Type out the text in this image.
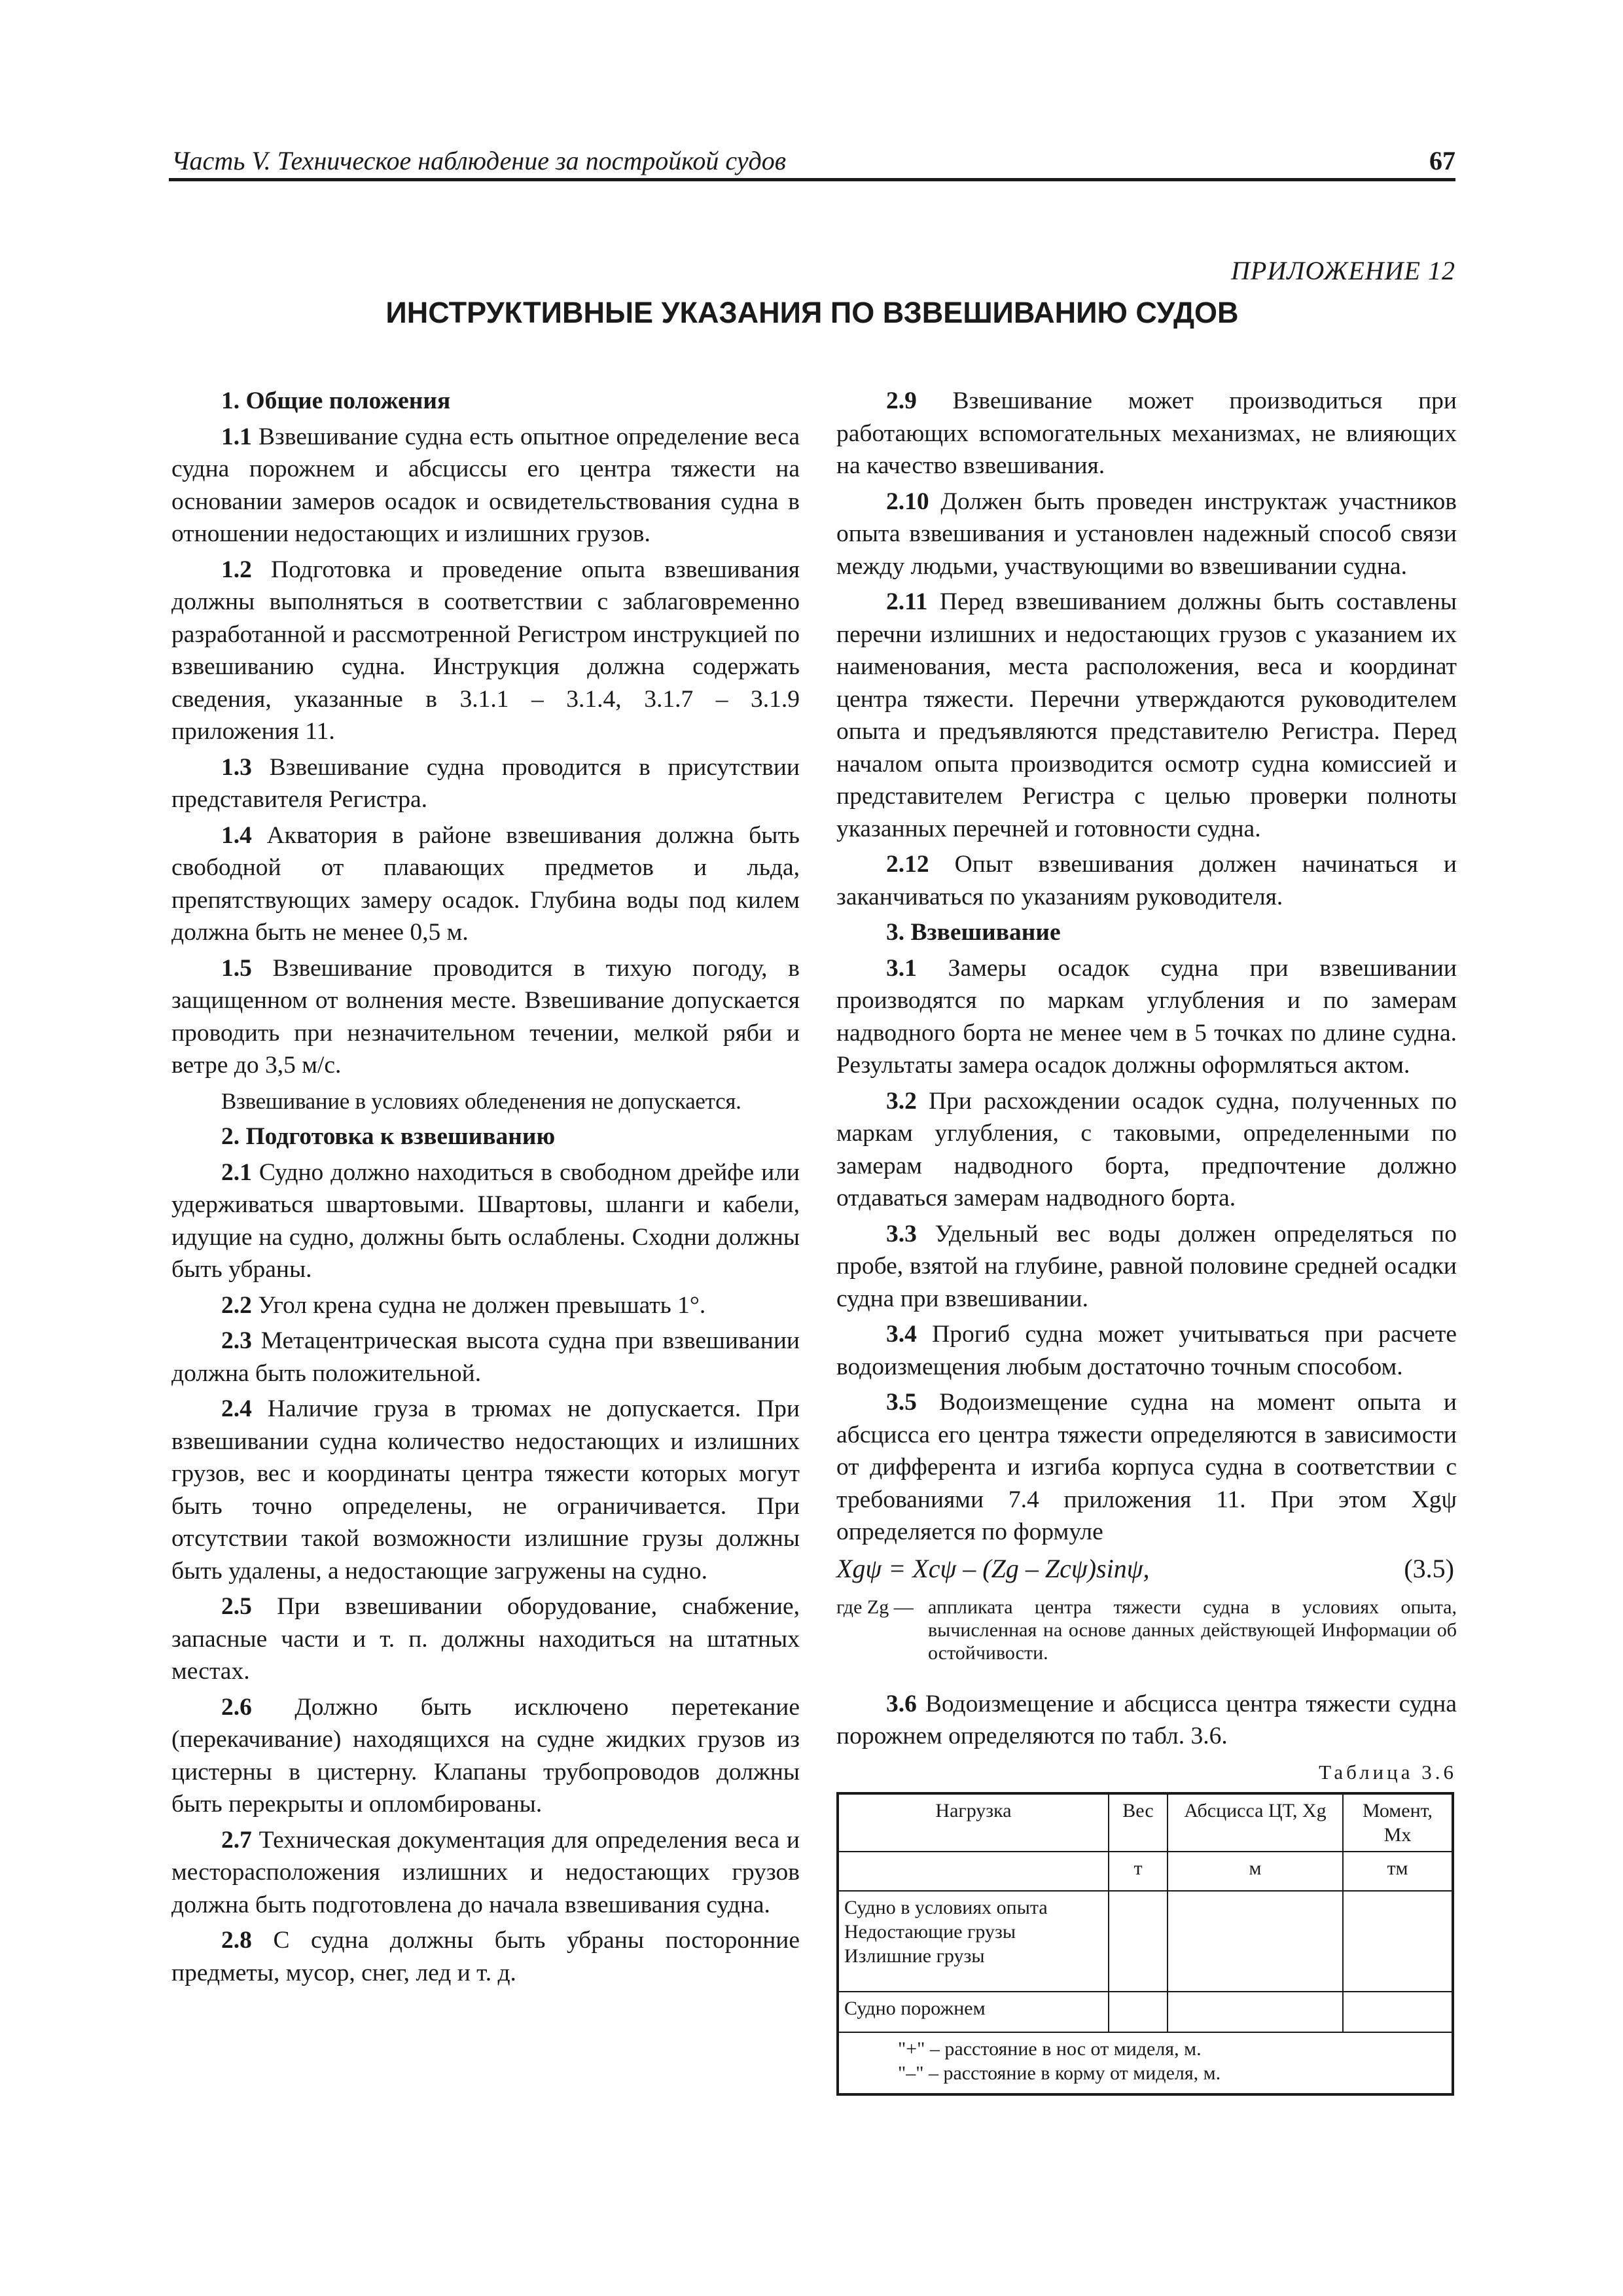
Часть V. Техническое наблюдение за постройкой судов	67
ПРИЛОЖЕНИЕ 12
ИНСТРУКТИВНЫЕ УКАЗАНИЯ ПО ВЗВЕШИВАНИЮ СУДОВ

1. Общие положения

1.1 Взвешивание судна есть опытное определение веса судна порожнем и абсциссы его центра тяжести на основании замеров осадок и освидетельствования судна в отношении недостающих и излишних грузов.

1.2 Подготовка и проведение опыта взвешивания должны выполняться в соответствии с заблаговременно разработанной и рассмотренной Регистром инструкцией по взвешиванию судна. Инструкция должна содержать сведения, указанные в 3.1.1 – 3.1.4, 3.1.7 – 3.1.9 приложения 11.

1.3 Взвешивание судна проводится в присутствии представителя Регистра.

1.4 Акватория в районе взвешивания должна быть свободной от плавающих предметов и льда, препятствующих замеру осадок. Глубина воды под килем должна быть не менее 0,5 м.

1.5 Взвешивание проводится в тихую погоду, в защищенном от волнения месте. Взвешивание допускается проводить при незначительном течении, мелкой ряби и ветре до 3,5 м/с.

Взвешивание в условиях обледенения не допускается.

2. Подготовка к взвешиванию

2.1 Судно должно находиться в свободном дрейфе или удерживаться швартовыми. Швартовы, шланги и кабели, идущие на судно, должны быть ослаблены. Сходни должны быть убраны.

2.2 Угол крена судна не должен превышать 1°.

2.3 Метацентрическая высота судна при взвешивании должна быть положительной.

2.4 Наличие груза в трюмах не допускается. При взвешивании судна количество недостающих и излишних грузов, вес и координаты центра тяжести которых могут быть точно определены, не ограничивается. При отсутствии такой возможности излишние грузы должны быть удалены, а недостающие загружены на судно.

2.5 При взвешивании оборудование, снабжение, запасные части и т. п. должны находиться на штатных местах.

2.6 Должно быть исключено перетекание (перекачивание) находящихся на судне жидких грузов из цистерны в цистерну. Клапаны трубопроводов должны быть перекрыты и опломбированы.

2.7 Техническая документация для определения веса и месторасположения излишних и недостающих грузов должна быть подготовлена до начала взвешивания судна.

2.8 С судна должны быть убраны посторонние предметы, мусор, снег, лед и т. д.

2.9 Взвешивание может производиться при работающих вспомогательных механизмах, не влияющих на качество взвешивания.

2.10 Должен быть проведен инструктаж участников опыта взвешивания и установлен надежный способ связи между людьми, участвующими во взвешивании судна.

2.11 Перед взвешиванием должны быть составлены перечни излишних и недостающих грузов с указанием их наименования, места расположения, веса и координат центра тяжести. Перечни утверждаются руководителем опыта и предъявляются представителю Регистра. Перед началом опыта производится осмотр судна комиссией и представителем Регистра с целью проверки полноты указанных перечней и готовности судна.

2.12 Опыт взвешивания должен начинаться и заканчиваться по указаниям руководителя.

3. Взвешивание

3.1 Замеры осадок судна при взвешивании производятся по маркам углубления и по замерам надводного борта не менее чем в 5 точках по длине судна. Результаты замера осадок должны оформляться актом.

3.2 При расхождении осадок судна, полученных по маркам углубления, с таковыми, определенными по замерам надводного борта, предпочтение должно отдаваться замерам надводного борта.

3.3 Удельный вес воды должен определяться по пробе, взятой на глубине, равной половине средней осадки судна при взвешивании.

3.4 Прогиб судна может учитываться при расчете водоизмещения любым достаточно точным способом.

3.5 Водоизмещение судна на момент опыта и абсцисса его центра тяжести определяются в зависимости от дифферента и изгиба корпуса судна в соответствии с требованиями 7.4 приложения 11. При этом Xgψ определяется по формуле

Xgψ = Xcψ – (Zg – Zcψ)sinψ,	(3.5)
где Zg — аппликата центра тяжести судна в условиях опыта, вычисленная на основе данных действующей Информации об остойчивости.

3.6 Водоизмещение и абсцисса центра тяжести судна порожнем определяются по табл. 3.6.

Таблица 3.6
Нагрузка	Вес	Абсцисса ЦТ, Xg	Момент, Mx
	т	м	тм

Судно в условиях опыта
Недостающие грузы
Излишние грузы			

Судно порожнем			

"+" – расстояние в нос от миделя, м.
"–" – расстояние в корму от миделя, м.			
